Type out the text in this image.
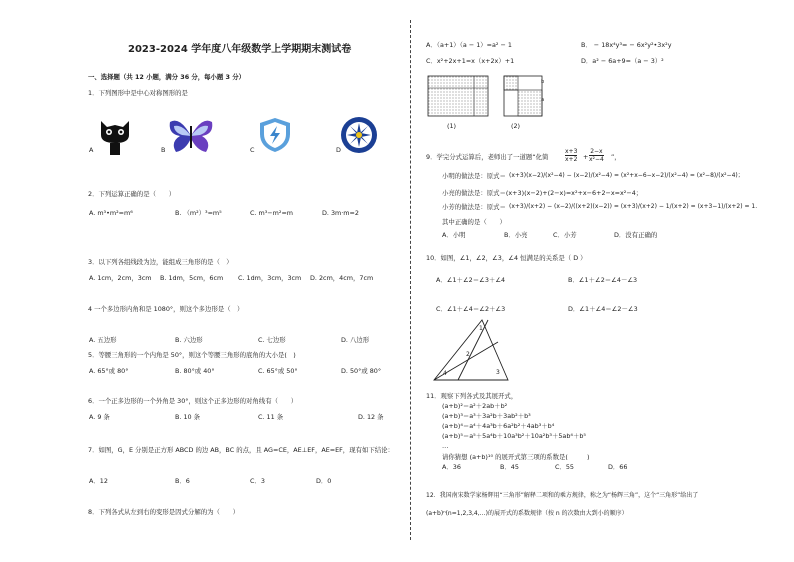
2023-2024 学年度八年级数学上学期期末测试卷
一、选择题（共 12 小题，满分 36 分，每小题 3 分）
1．下列图形中是中心对称图形的是
A	B	C	D
2．下列运算正确的是（　　）
A. m³•m²=m⁶	B. （m²）³=m⁵	C. m³−m²=m	D. 3m·m=2
3．以下列各组线段为边，能组成三角形的是（　）
A. 1cm，2cm，3cm B. 1dm，5cm，6cm C. 1dm，3cm，3cm D. 2cm，4cm，7cm
4 一个多边形内角和是 1080°，则这个多边形是（　）
A. 五边形	B. 六边形	C. 七边形	D. 八边形
5．等腰三角形的一个内角是 50°，则这个等腰三角形的底角的大小是(　)
A. 65°或 80°	B. 80°或 40°	C. 65°或 50°	D. 50°或 80°
6．一个正多边形的一个外角是 30°，则这个正多边形的对角线有（　　）
A. 9 条	B. 10 条	C. 11 条	D. 12 条
7．如图，G，E 分别是正方形 ABCD 的边 AB，BC 的点，且 AG=CE，AE⊥EF，AE=EF，现有如下结论：
A．12	B．6	C．3	D．0
8．下列各式从左到右的变形是因式分解的为（　　）
A．（a+1）（a − 1）=a² − 1	B． − 18x⁴y³= − 6x²y²•3x²y
C．x²+2x+1=x（x+2x）+1	D．a² − 6a+9=（a − 3）²
(1)	(2)
b
a
9．学完分式运算后，老师出了一道题“化简	$\frac{x+3}{x+2} + \frac{2-x}{\text{x²−4}}$ ”，
小明的做法是：原式＝ (x+3)(x−2)/(x²−4) − (x−2)/(x²−4) = (x²+x−6−x−2)/(x²−4) = (x²−8)/(x²−4)；
小亮的做法是：原式＝(x+3)(x−2)+(2−x)=x²+x−6+2−x=x²−4；
小芳的做法是：原式＝ (x+3)/(x+2) − (x−2)/((x+2)(x−2)) = (x+3)/(x+2) − 1/(x+2) = (x+3−1)/(x+2) = 1.
其中正确的是（　　）
A．小明	B．小亮	C．小芳	D．没有正确的
10．如图，∠1，∠2，∠3，∠4 恒满足的关系是（ D ）
A．∠1＋∠2＝∠3＋∠4	B．∠1＋∠2＝∠4－∠3
C．∠1＋∠4＝∠2＋∠3	D．∠1＋∠4＝∠2－∠3
1
2
3
4
11．观察下列各式及其展开式，
(a+b)²＝a²＋2ab＋b²
(a+b)³＝a³＋3a²b＋3ab²＋b³
(a+b)⁴＝a⁴＋4a³b＋6a²b²＋4ab³＋b⁴
(a+b)⁵＝a⁵＋5a⁴b＋10a³b²＋10a²b³＋5ab⁴＋b⁵
…
请你猜想 (a+b)¹⁰ 的展开式第三项的系数是(　　　)
A．36	B．45	C．55	D．66
12．我国南宋数学家杨辉用“三角形”解释二项和的乘方规律，称之为“杨辉三角”，这个“三角形”给出了
(a+b)ⁿ(n=1,2,3,4,…)的展开式的系数规律（按 n 的次数由大到小的顺序）
